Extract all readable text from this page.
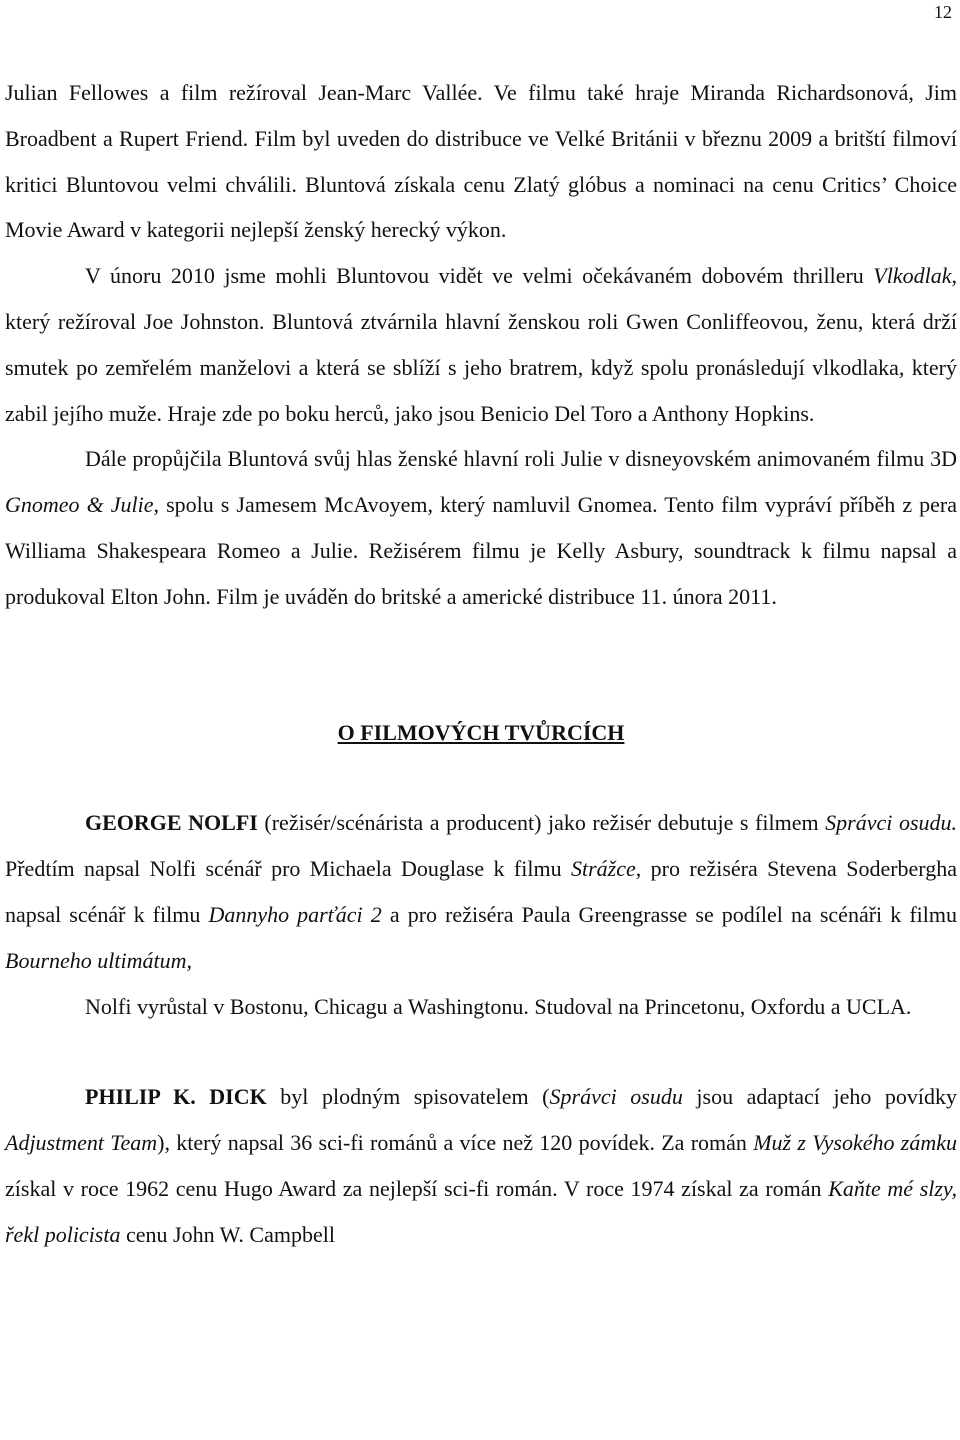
12

Julian Fellowes a film režíroval Jean-Marc Vallée. Ve filmu také hraje Miranda Richardsonová, Jim Broadbent a Rupert Friend. Film byl uveden do distribuce ve Velké Británii v březnu 2009 a britští filmoví kritici Bluntovou velmi chválili. Bluntová získala cenu Zlatý glóbus a nominaci na cenu Critics’ Choice Movie Award v kategorii nejlepší ženský herecký výkon.

V únoru 2010 jsme mohli Bluntovou vidět ve velmi očekávaném dobovém thrilleru Vlkodlak, který režíroval Joe Johnston. Bluntová ztvárnila hlavní ženskou roli Gwen Conliffeovou, ženu, která drží smutek po zemřelém manželovi a která se sblíží s jeho bratrem, když spolu pronásledují vlkodlaka, který zabil jejího muže. Hraje zde po boku herců, jako jsou Benicio Del Toro a Anthony Hopkins.

Dále propůjčila Bluntová svůj hlas ženské hlavní roli Julie v disneyovském animovaném filmu 3D Gnomeo & Julie, spolu s Jamesem McAvoyem, který namluvil Gnomea. Tento film vypráví příběh z pera Williama Shakespeara Romeo a Julie. Režisérem filmu je Kelly Asbury, soundtrack k filmu napsal a produkoval Elton John. Film je uváděn do britské a americké distribuce 11. února 2011.

O FILMOVÝCH TVŮRCÍCH

GEORGE NOLFI (režisér/scénárista a producent) jako režisér debutuje s filmem Správci osudu. Předtím napsal Nolfi scénář pro Michaela Douglase k filmu Strážce, pro režiséra Stevena Soderbergha napsal scénář k filmu Dannyho parťáci 2 a pro režiséra Paula Greengrasse se podílel na scénáři k filmu Bourneho ultimátum,

Nolfi vyrůstal v Bostonu, Chicagu a Washingtonu. Studoval na Princetonu, Oxfordu a UCLA.

PHILIP K. DICK byl plodným spisovatelem (Správci osudu jsou adaptací jeho povídky Adjustment Team), který napsal 36 sci-fi románů a více než 120 povídek. Za román Muž z Vysokého zámku získal v roce 1962 cenu Hugo Award za nejlepší sci-fi román. V roce 1974 získal za román Kaňte mé slzy, řekl policista cenu John W. Campbell
